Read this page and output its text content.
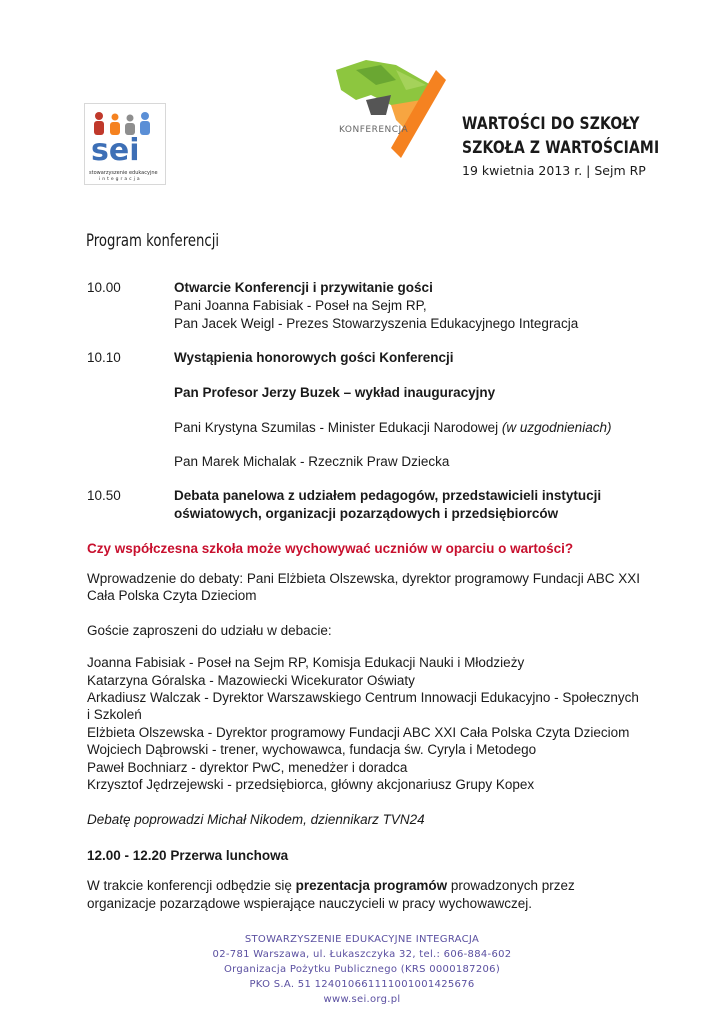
sei
stowarzyszenie edukacyjne
integracja
KONFERENCJA	WARTOŚCI DO SZKOŁY
SZKOŁA Z WARTOŚCIAMI
19 kwietnia 2013 r. | Sejm RP
Program konferencji
10.00	Otwarcie Konferencji i przywitanie gości
Pani Joanna Fabisiak - Poseł na Sejm RP,
Pan Jacek Weigl - Prezes Stowarzyszenia Edukacyjnego Integracja
10.10	Wystąpienia honorowych gości Konferencji
Pan Profesor Jerzy Buzek – wykład inauguracyjny
Pani Krystyna Szumilas - Minister Edukacji Narodowej (w uzgodnieniach)
Pan Marek Michalak - Rzecznik Praw Dziecka
10.50	Debata panelowa z udziałem pedagogów, przedstawicieli instytucji
oświatowych, organizacji pozarządowych i przedsiębiorców
Czy współczesna szkoła może wychowywać uczniów w oparciu o wartości?
Wprowadzenie do debaty: Pani Elżbieta Olszewska, dyrektor programowy Fundacji ABC XXI
Cała Polska Czyta Dzieciom
Goście zaproszeni do udziału w debacie:
Joanna Fabisiak - Poseł na Sejm RP, Komisja Edukacji Nauki i Młodzieży
Katarzyna Góralska - Mazowiecki Wicekurator Oświaty
Arkadiusz Walczak - Dyrektor Warszawskiego Centrum Innowacji Edukacyjno - Społecznych
i Szkoleń
Elżbieta Olszewska - Dyrektor programowy Fundacji ABC XXI Cała Polska Czyta Dzieciom
Wojciech Dąbrowski - trener, wychowawca, fundacja św. Cyryla i Metodego
Paweł Bochniarz - dyrektor PwC, menedżer i doradca
Krzysztof Jędrzejewski - przedsiębiorca, główny akcjonariusz Grupy Kopex
Debatę poprowadzi Michał Nikodem, dziennikarz TVN24
12.00 - 12.20 Przerwa lunchowa
W trakcie konferencji odbędzie się prezentacja programów prowadzonych przez
organizacje pozarządowe wspierające nauczycieli w pracy wychowawczej.
STOWARZYSZENIE EDUKACYJNE INTEGRACJA
02-781 Warszawa, ul. Łukaszczyka 32, tel.: 606-884-602
Organizacja Pożytku Publicznego (KRS 0000187206)
PKO S.A. 51 124010661111001001425676
www.sei.org.pl
